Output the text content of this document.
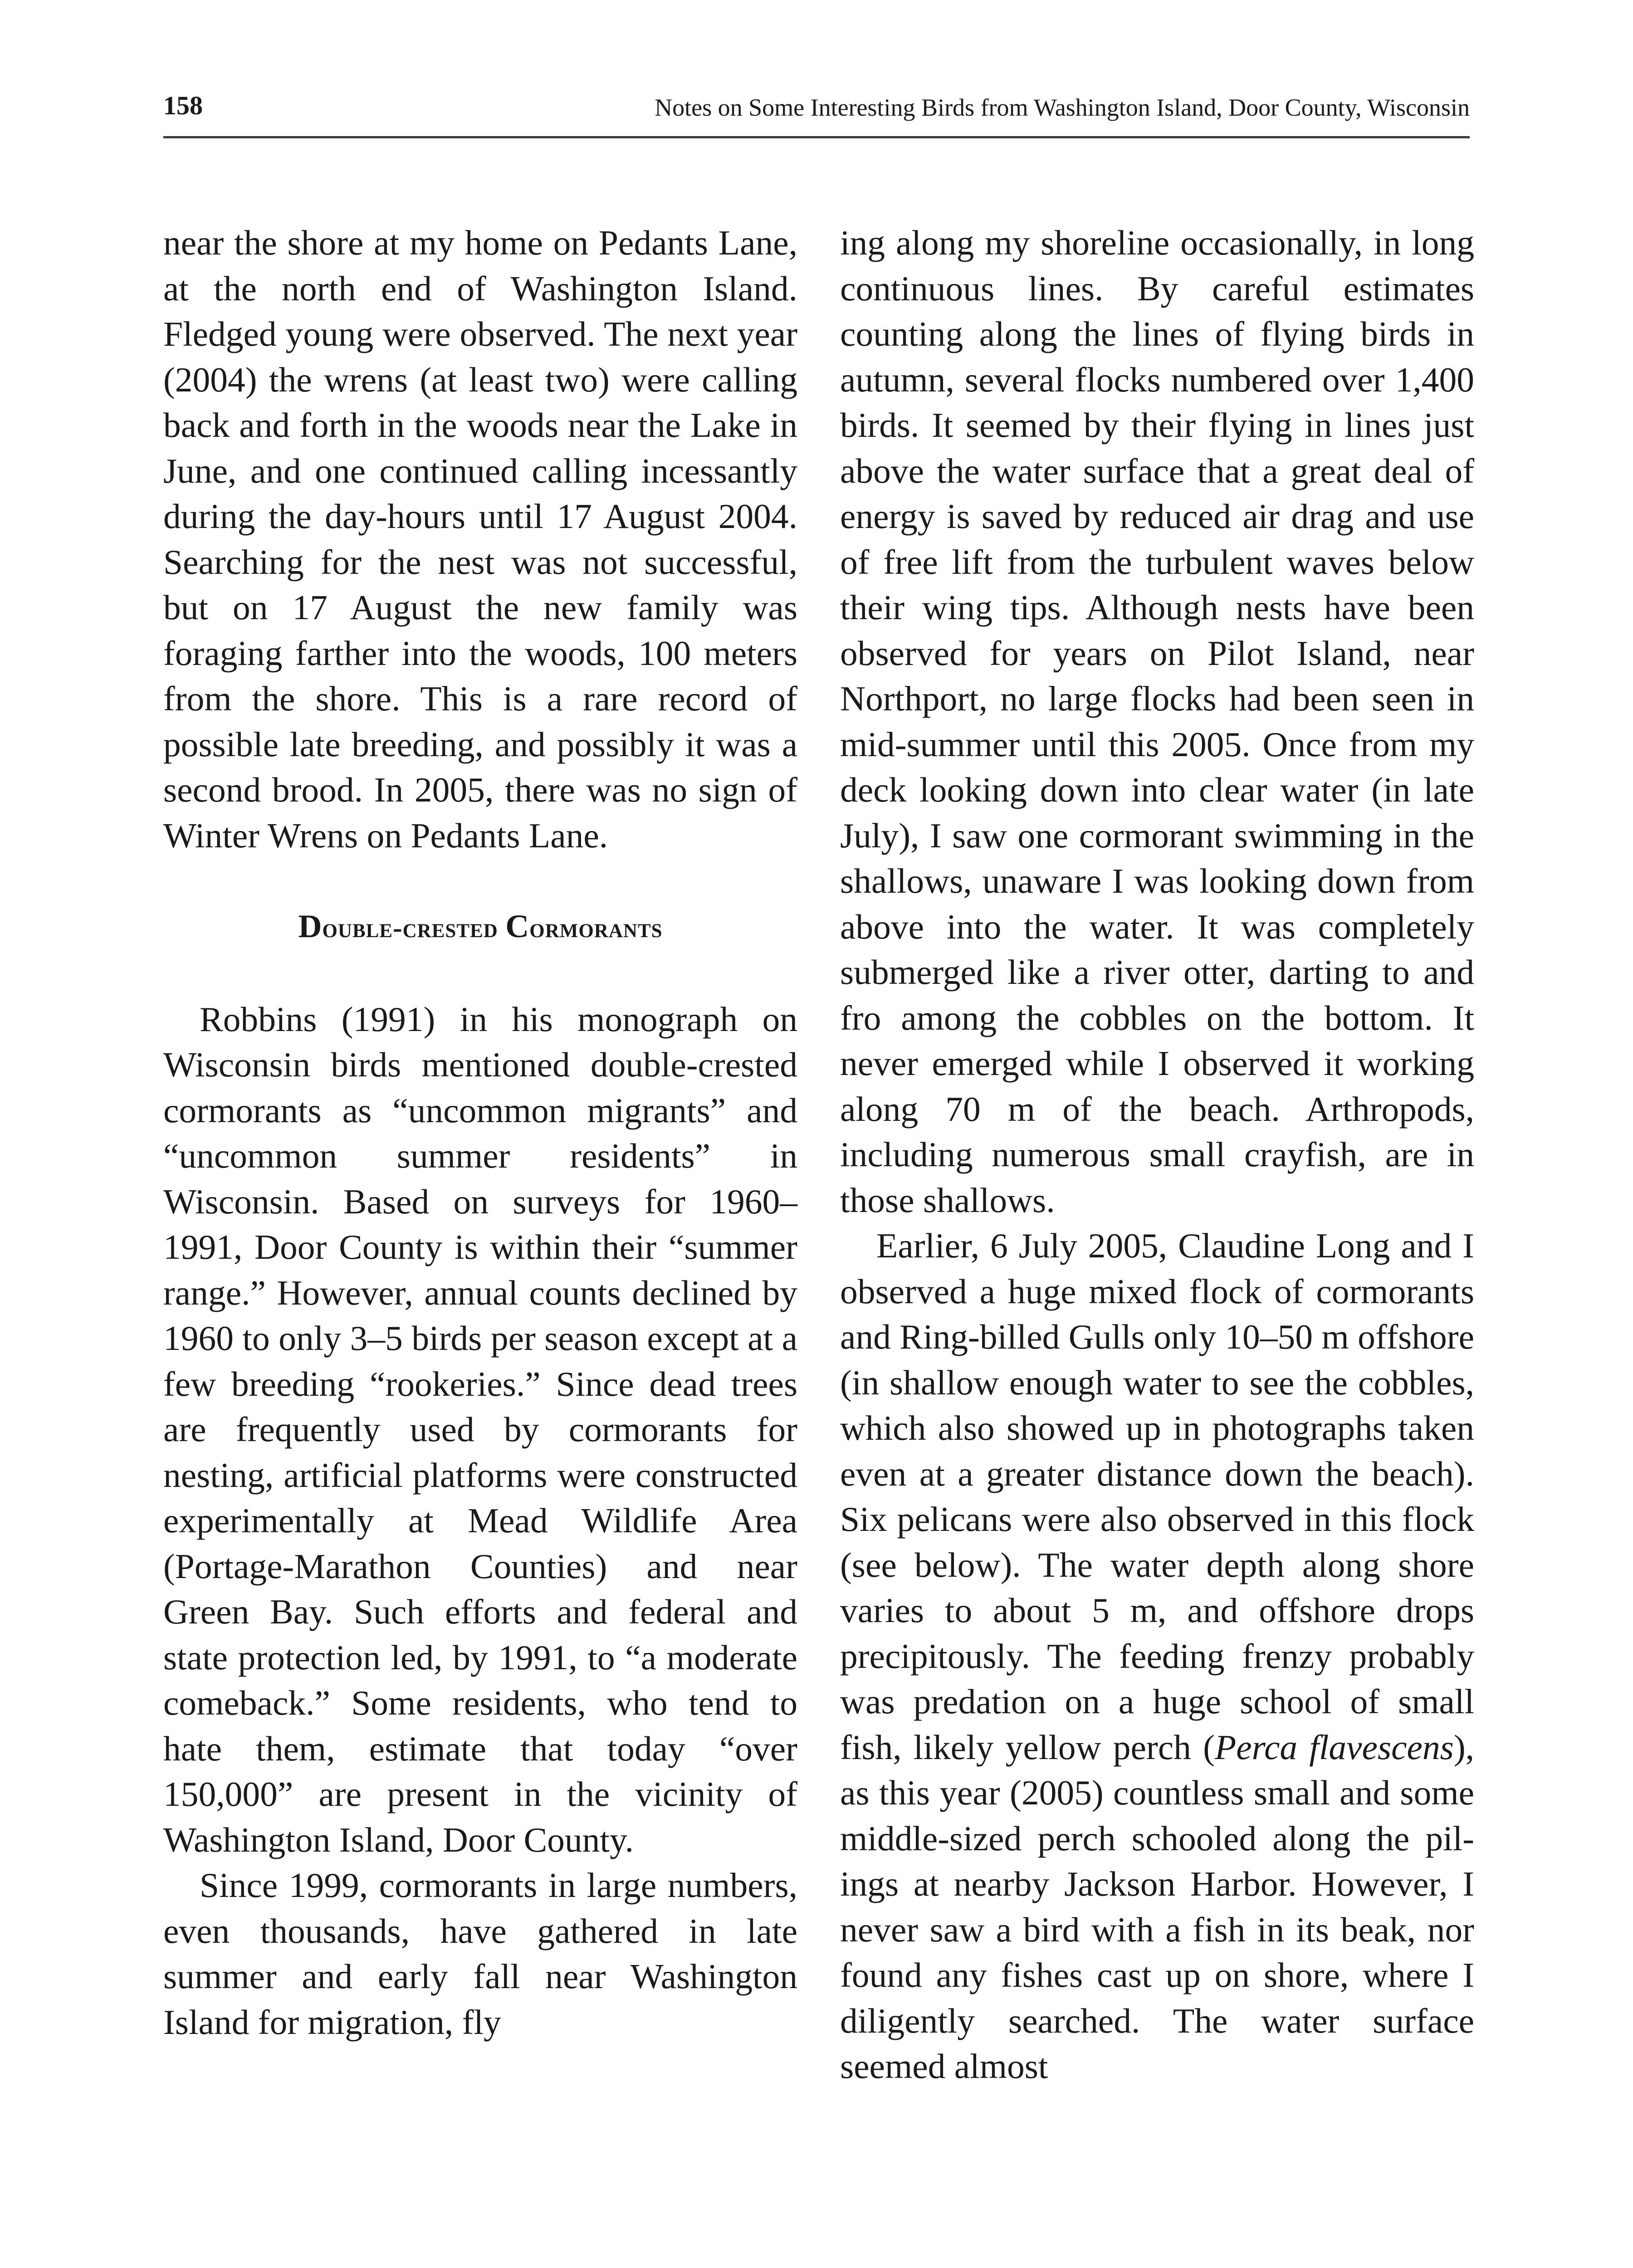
158	Notes on Some Interesting Birds from Washington Island, Door County, Wisconsin

near the shore at my home on Pedants Lane, at the north end of Washington Island. Fledged young were observed. The next year (2004) the wrens (at least two) were calling back and forth in the woods near the Lake in June, and one continued calling incessantly during the day-hours until 17 August 2004. Searching for the nest was not successful, but on 17 August the new family was foraging farther into the woods, 100 meters from the shore. This is a rare record of possible late breeding, and possibly it was a second brood. In 2005, there was no sign of Winter Wrens on Pedants Lane.

Double-crested Cormorants

Robbins (1991) in his monograph on Wisconsin birds mentioned double-crested cormorants as “uncommon migrants” and “uncommon summer residents” in Wisconsin. Based on surveys for 1960–1991, Door County is within their “summer range.” However, annual counts declined by 1960 to only 3–5 birds per season except at a few breeding “rookeries.” Since dead trees are frequently used by cormorants for nesting, artificial platforms were constructed experimentally at Mead Wildlife Area (Portage-Marathon Counties) and near Green Bay. Such efforts and federal and state protection led, by 1991, to “a moderate comeback.” Some residents, who tend to hate them, estimate that today “over 150,000” are present in the vicinity of Washington Island, Door County.

Since 1999, cormorants in large numbers, even thousands, have gathered in late summer and early fall near Washington Island for migration, fly

ing along my shoreline occasionally, in long continuous lines. By careful estimates counting along the lines of flying birds in autumn, several flocks numbered over 1,400 birds. It seemed by their flying in lines just above the water surface that a great deal of energy is saved by reduced air drag and use of free lift from the turbulent waves below their wing tips. Although nests have been observed for years on Pilot Island, near Northport, no large flocks had been seen in mid-summer until this 2005. Once from my deck looking down into clear water (in late July), I saw one cormorant swimming in the shallows, unaware I was looking down from above into the water. It was completely submerged like a river otter, darting to and fro among the cobbles on the bottom. It never emerged while I observed it working along 70 m of the beach. Arthropods, including numerous small crayfish, are in those shallows.

Earlier, 6 July 2005, Claudine Long and I observed a huge mixed flock of cormorants and Ring-billed Gulls only 10–50 m offshore (in shallow enough water to see the cobbles, which also showed up in photographs taken even at a greater distance down the beach). Six pelicans were also observed in this flock (see below). The water depth along shore varies to about 5 m, and offshore drops precipitously. The feeding frenzy probably was predation on a huge school of small fish, likely yellow perch (Perca flavescens), as this year (2005) countless small and some middle-sized perch schooled along the pilings at nearby Jackson Harbor. However, I never saw a bird with a fish in its beak, nor found any fishes cast up on shore, where I diligently searched. The water surface seemed almost
